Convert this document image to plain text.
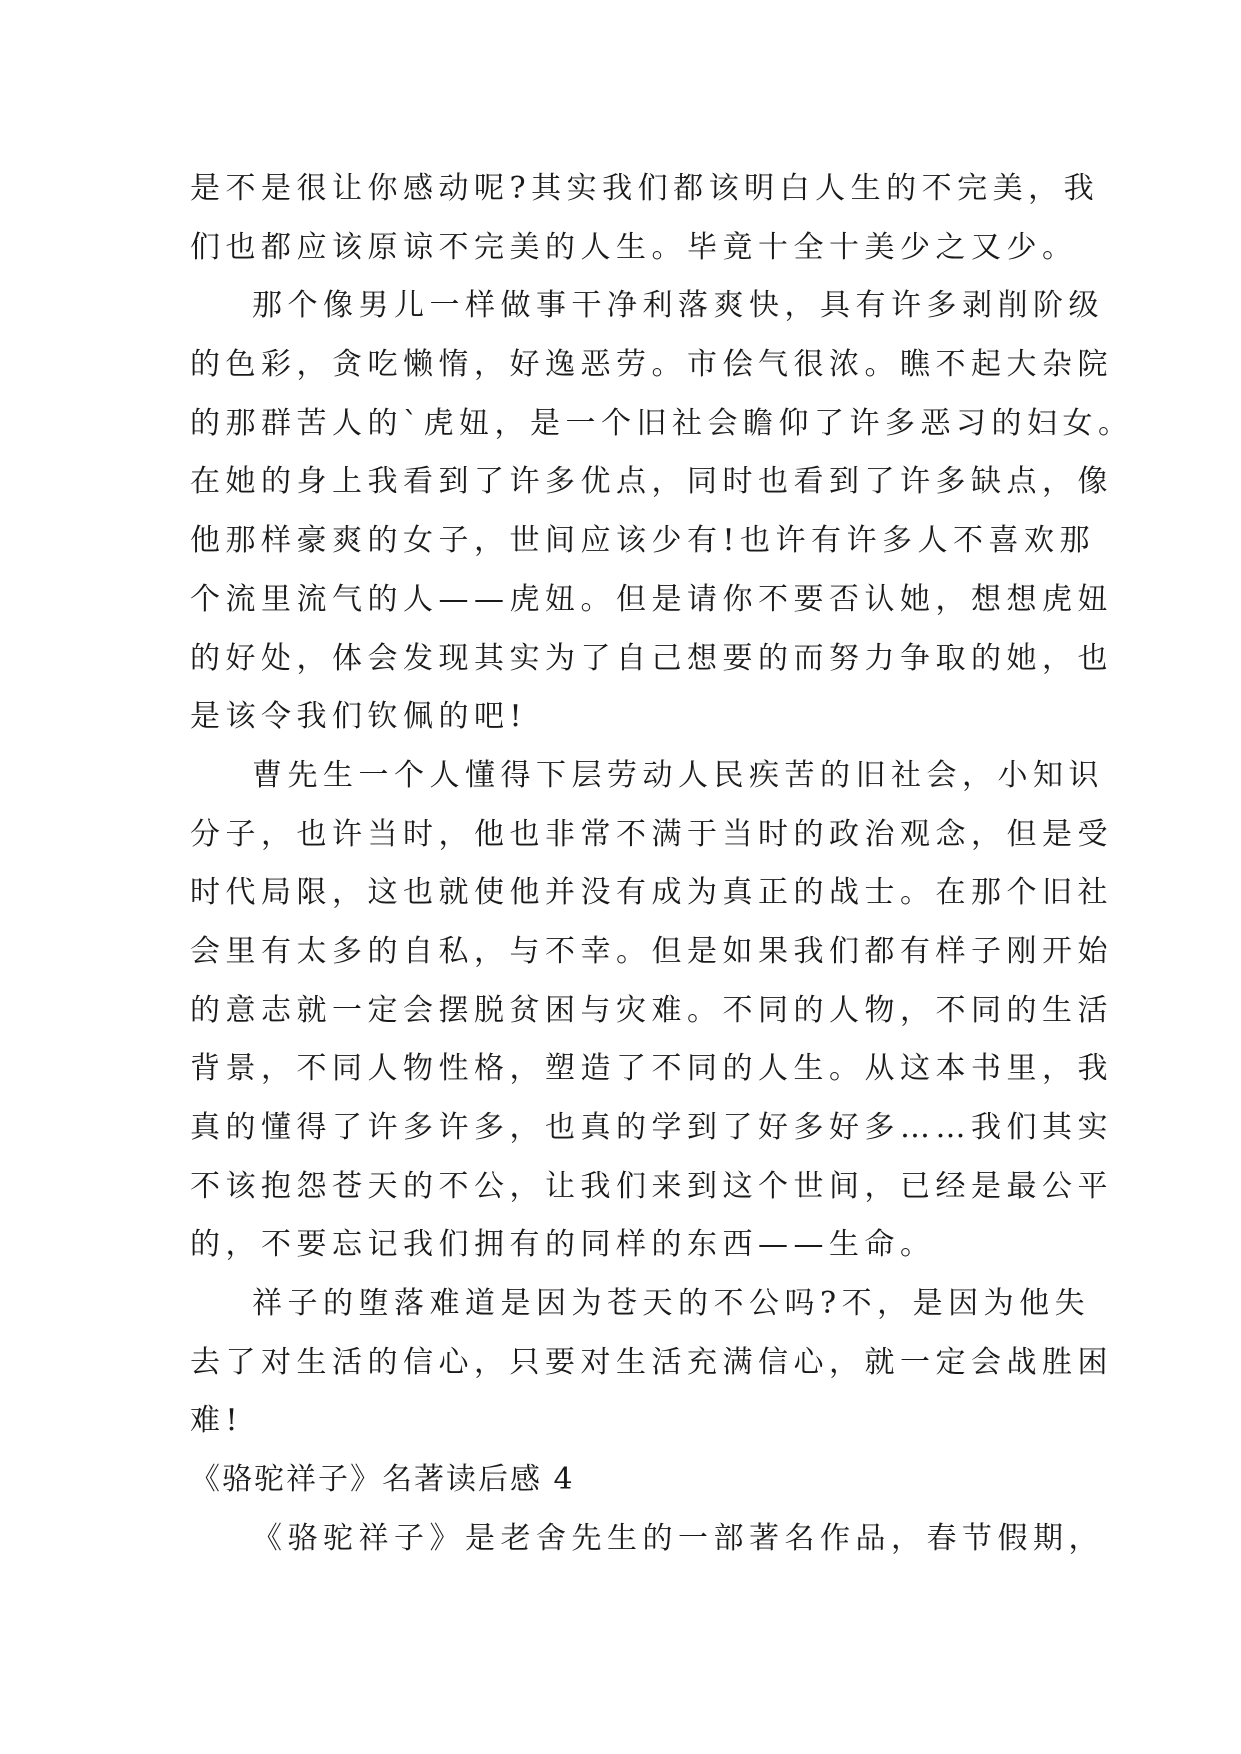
是不是很让你感动呢?其实我们都该明白人生的不完美，我
们也都应该原谅不完美的人生。毕竟十全十美少之又少。
那个像男儿一样做事干净利落爽快，具有许多剥削阶级
的色彩，贪吃懒惰，好逸恶劳。市侩气很浓。瞧不起大杂院
的那群苦人的`虎妞，是一个旧社会瞻仰了许多恶习的妇女。
在她的身上我看到了许多优点，同时也看到了许多缺点，像
他那样豪爽的女子，世间应该少有!也许有许多人不喜欢那
个流里流气的人——虎妞。但是请你不要否认她，想想虎妞
的好处，体会发现其实为了自己想要的而努力争取的她，也
是该令我们钦佩的吧!
曹先生一个人懂得下层劳动人民疾苦的旧社会，小知识
分子，也许当时，他也非常不满于当时的政治观念，但是受
时代局限，这也就使他并没有成为真正的战士。在那个旧社
会里有太多的自私，与不幸。但是如果我们都有样子刚开始
的意志就一定会摆脱贫困与灾难。不同的人物，不同的生活
背景，不同人物性格，塑造了不同的人生。从这本书里，我
真的懂得了许多许多，也真的学到了好多好多……我们其实
不该抱怨苍天的不公，让我们来到这个世间，已经是最公平
的，不要忘记我们拥有的同样的东西——生命。
祥子的堕落难道是因为苍天的不公吗?不，是因为他失
去了对生活的信心，只要对生活充满信心，就一定会战胜困
难!
《骆驼祥子》名著读后感 4
《骆驼祥子》是老舍先生的一部著名作品，春节假期，
